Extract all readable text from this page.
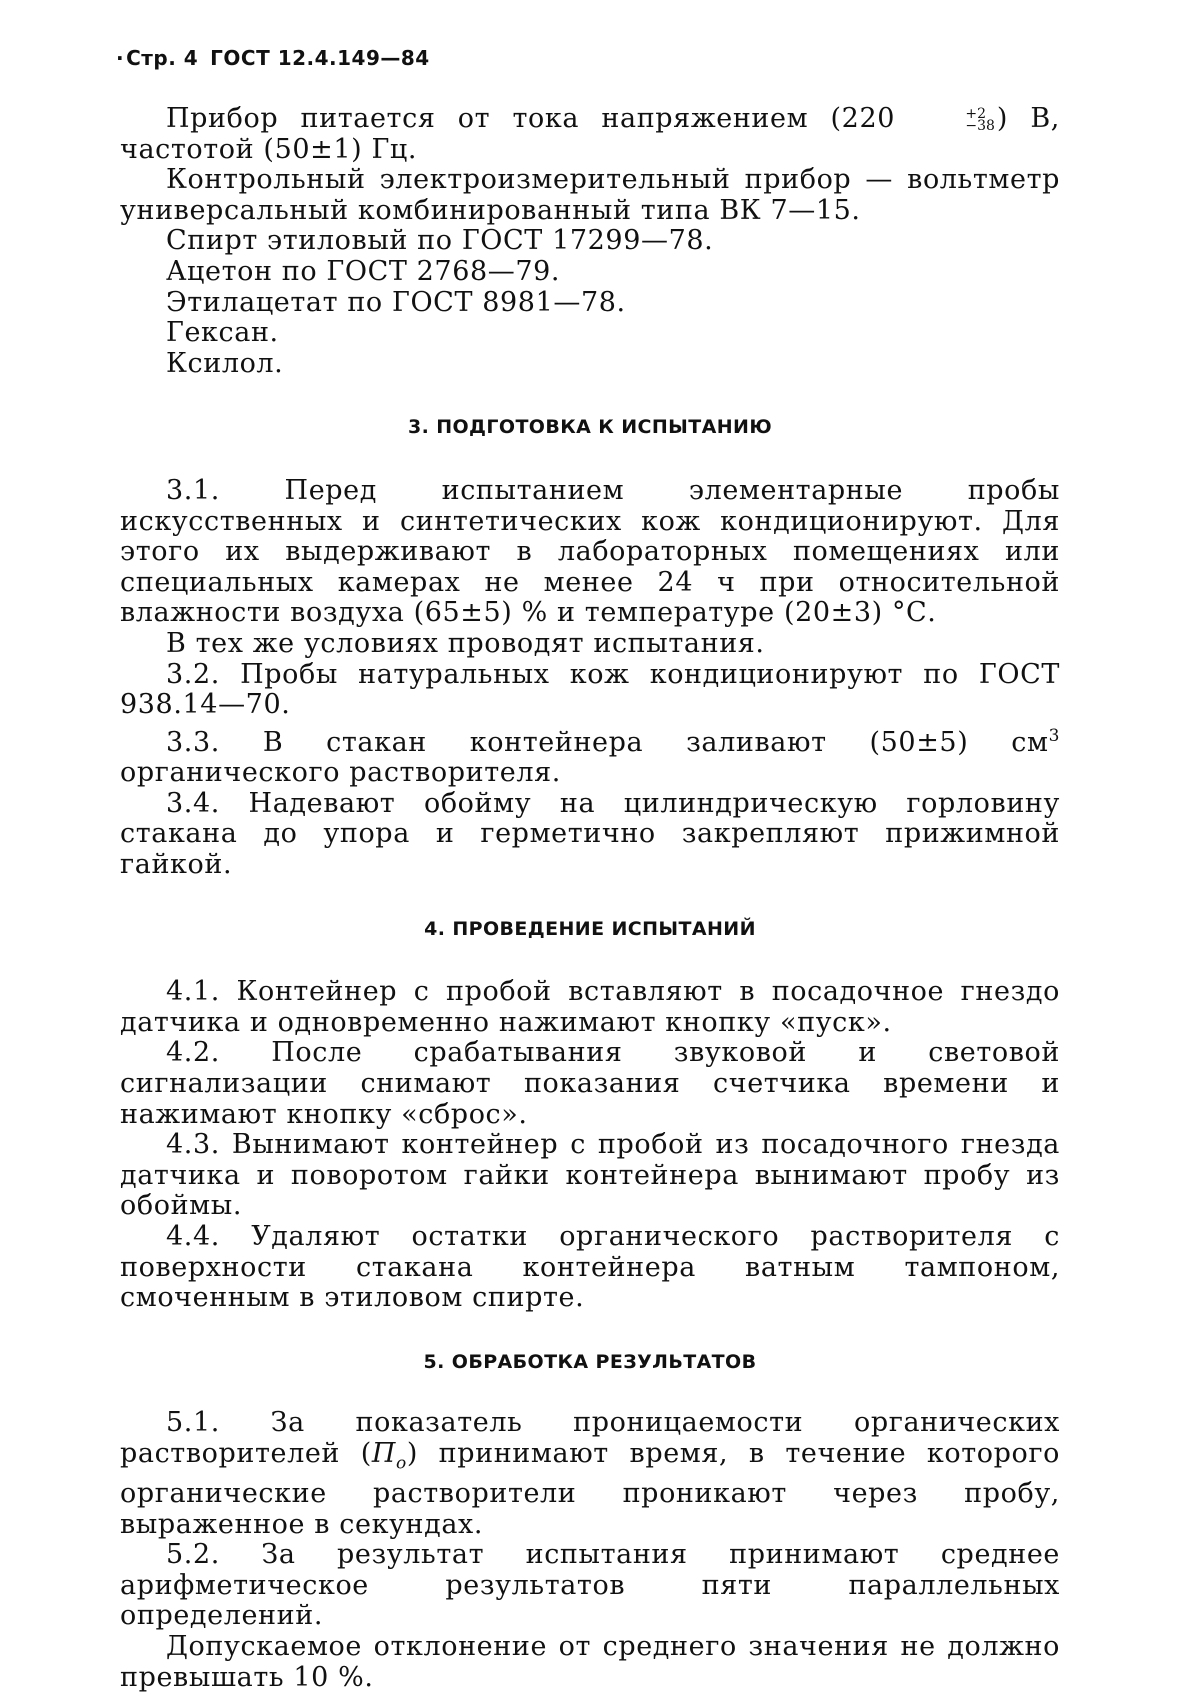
· Стр. 4 ГОСТ 12.4.149—84

Прибор питается от тока напряжением (220	+2
−38 ) В, частотой (50±1) Гц.

Контрольный электроизмерительный прибор — вольтметр универсальный комбинированный типа ВК 7—15.

Спирт этиловый по ГОСТ 17299—78.

Ацетон по ГОСТ 2768—79.

Этилацетат по ГОСТ 8981—78.

Гексан.

Ксилол.

3. ПОДГОТОВКА К ИСПЫТАНИЮ

3.1. Перед испытанием элементарные пробы искусственных и синтетических кож кондиционируют. Для этого их выдерживают в лабораторных помещениях или специальных камерах не менее 24 ч при относительной влажности воздуха (65±5) % и температуре (20±3) °С.

В тех же условиях проводят испытания.

3.2. Пробы натуральных кож кондиционируют по ГОСТ 938.14—70.

3.3. В стакан контейнера заливают (50±5) $см^3$ органического растворителя.

3.4. Надевают обойму на цилиндрическую горловину стакана до упора и герметично закрепляют прижимной гайкой.

4. ПРОВЕДЕНИЕ ИСПЫТАНИЙ

4.1. Контейнер с пробой вставляют в посадочное гнездо датчика и одновременно нажимают кнопку «пуск».

4.2. После срабатывания звуковой и световой сигнализации снимают показания счетчика времени и нажимают кнопку «сброс».

4.3. Вынимают контейнер с пробой из посадочного гнезда датчика и поворотом гайки контейнера вынимают пробу из обоймы.

4.4. Удаляют остатки органического растворителя с поверхности стакана контейнера ватным тампоном, смоченным в этиловом спирте.

5. ОБРАБОТКА РЕЗУЛЬТАТОВ

5.1. За показатель проницаемости органических растворителей $(П_o)$ принимают время, в течение которого органические растворители проникают через пробу, выраженное в секундах.

5.2. За результат испытания принимают среднее арифметическое результатов пяти параллельных определений.

Допускаемое отклонение от среднего значения не должно превышать 10 %.
